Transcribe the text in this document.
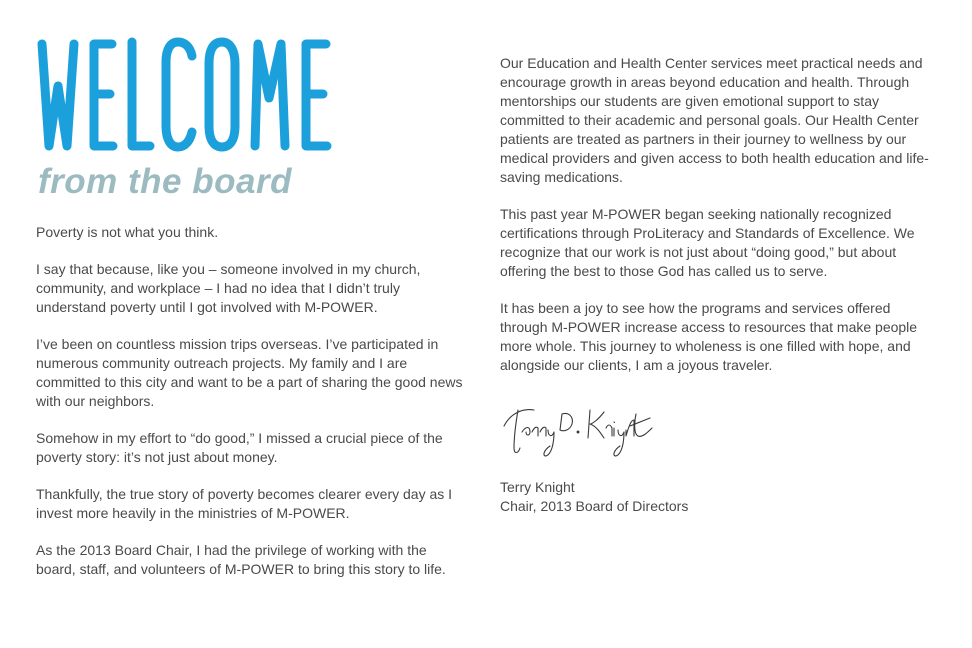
from the board

Poverty is not what you think.

I say that because, like you – someone involved in my church, community, and workplace – I had no idea that I didn’t truly understand poverty until I got involved with M-POWER.

I’ve been on countless mission trips overseas. I’ve participated in numerous community outreach projects. My family and I are committed to this city and want to be a part of sharing the good news with our neighbors.

Somehow in my effort to “do good,” I missed a crucial piece of the poverty story: it’s not just about money.

Thankfully, the true story of poverty becomes clearer every day as I invest more heavily in the ministries of M-POWER.

As the 2013 Board Chair, I had the privilege of working with the board, staff, and volunteers of M-POWER to bring this story to life.

Our Education and Health Center services meet practical needs and encourage growth in areas beyond education and health. Through mentorships our students are given emotional support to stay committed to their academic and personal goals. Our Health Center patients are treated as partners in their journey to wellness by our medical providers and given access to both health education and life-saving medications.

This past year M-POWER began seeking nationally recognized certifications through ProLiteracy and Standards of Excellence. We recognize that our work is not just about “doing good,” but about offering the best to those God has called us to serve.

It has been a joy to see how the programs and services offered through M-POWER increase access to resources that make people more whole. This journey to wholeness is one filled with hope, and alongside our clients, I am a joyous traveler.

Terry Knight
Chair, 2013 Board of Directors
